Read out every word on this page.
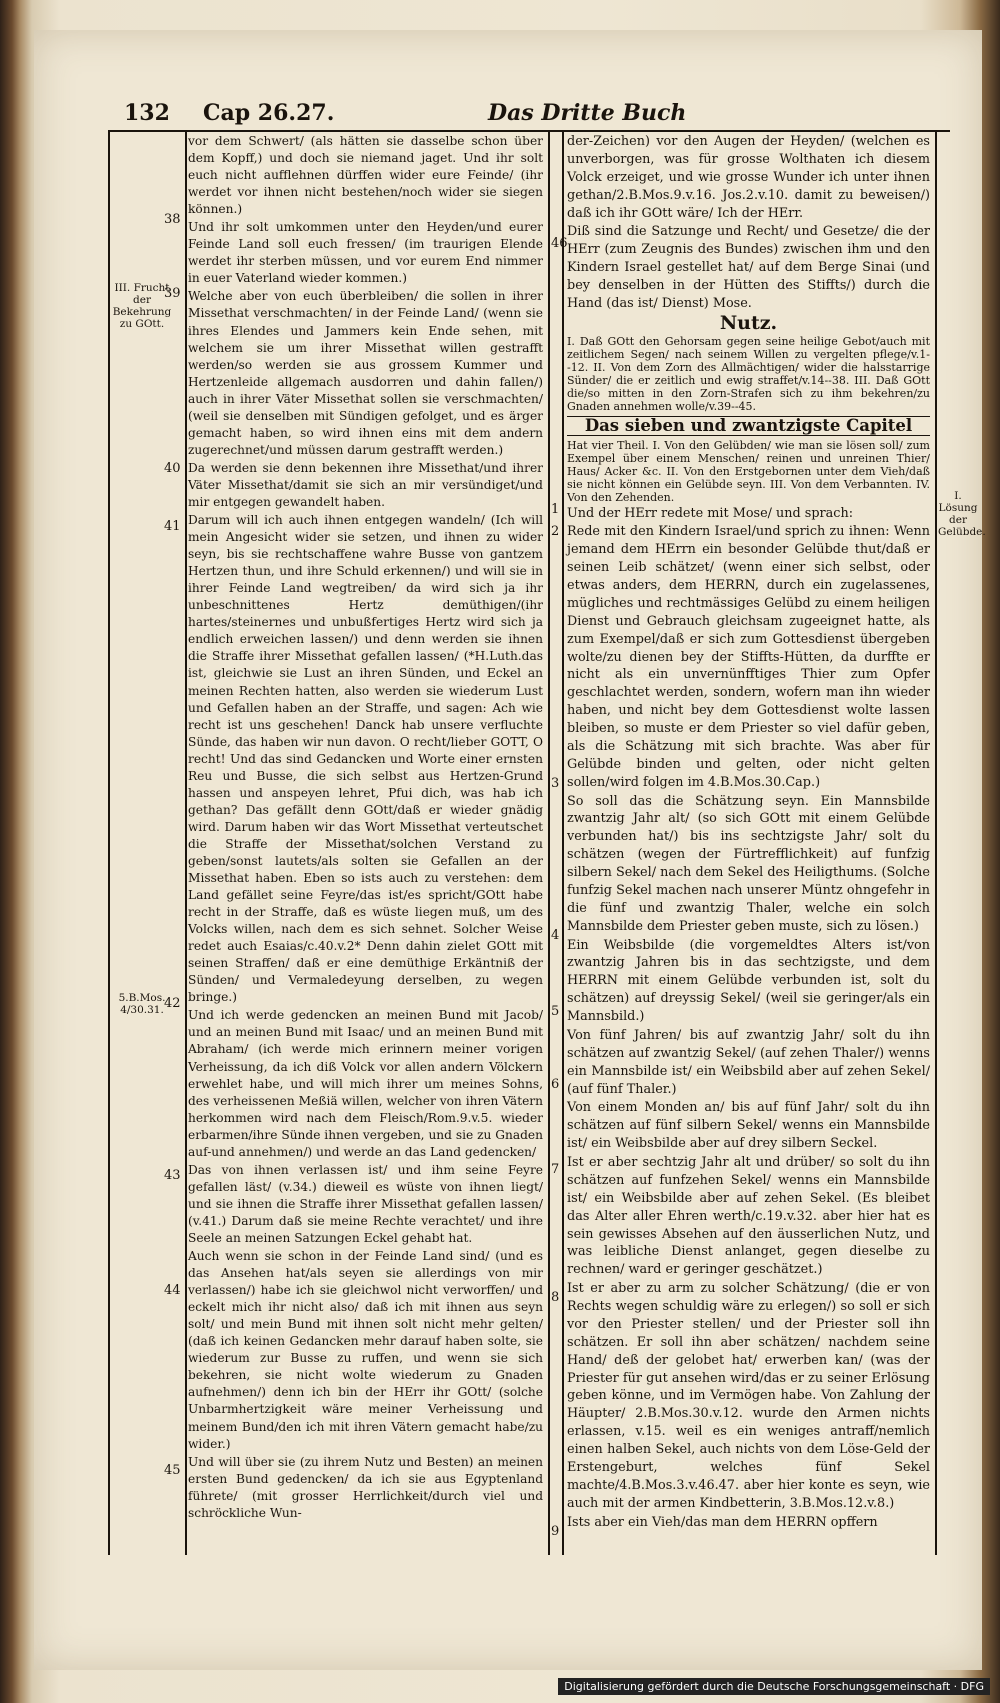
132 Cap 26.27.	Das Dritte Buch
III. Frucht der Bekehrung zu GOtt.
5.B.Mos. 4/30.31.
I. Lösung der Gelübde.
38
39
40
41
42
43
44
45
46
1
2
3
4
5
6
7
8
9

vor dem Schwert/ (als hätten sie dasselbe schon über dem Kopff,) und doch sie niemand jaget. Und ihr solt euch nicht aufflehnen dürffen wider eure Feinde/ (ihr werdet vor ihnen nicht bestehen/noch wider sie siegen können.)

Und ihr solt umkommen unter den Heyden/und eurer Feinde Land soll euch fressen/ (im traurigen Elende werdet ihr sterben müssen, und vor eurem End nimmer in euer Vaterland wieder kommen.)

Welche aber von euch überbleiben/ die sollen in ihrer Missethat verschmachten/ in der Feinde Land/ (wenn sie ihres Elendes und Jammers kein Ende sehen, mit welchem sie um ihrer Missethat willen gestrafft werden/so werden sie aus grossem Kummer und Hertzenleide allgemach ausdorren und dahin fallen/) auch in ihrer Väter Missethat sollen sie verschmachten/ (weil sie denselben mit Sündigen gefolget, und es ärger gemacht haben, so wird ihnen eins mit dem andern zugerechnet/und müssen darum gestrafft werden.)

Da werden sie denn bekennen ihre Missethat/und ihrer Väter Missethat/damit sie sich an mir versündiget/und mir entgegen gewandelt haben.

Darum will ich auch ihnen entgegen wandeln/ (Ich will mein Angesicht wider sie setzen, und ihnen zu wider seyn, bis sie rechtschaffene wahre Busse von gantzem Hertzen thun, und ihre Schuld erkennen/) und will sie in ihrer Feinde Land wegtreiben/ da wird sich ja ihr unbeschnittenes Hertz demüthigen/(ihr hartes/steinernes und unbußfertiges Hertz wird sich ja endlich erweichen lassen/) und denn werden sie ihnen die Straffe ihrer Missethat gefallen lassen/ (*H.Luth.das ist, gleichwie sie Lust an ihren Sünden, und Eckel an meinen Rechten hatten, also werden sie wiederum Lust und Gefallen haben an der Straffe, und sagen: Ach wie recht ist uns geschehen! Danck hab unsere verfluchte Sünde, das haben wir nun davon. O recht/lieber GOTT, O recht! Und das sind Gedancken und Worte einer ernsten Reu und Busse, die sich selbst aus Hertzen-Grund hassen und anspeyen lehret, Pfui dich, was hab ich gethan? Das gefällt denn GOtt/daß er wieder gnädig wird. Darum haben wir das Wort Missethat verteutschet die Straffe der Missethat/solchen Verstand zu geben/sonst lautets/als solten sie Gefallen an der Missethat haben. Eben so ists auch zu verstehen: dem Land gefället seine Feyre/das ist/es spricht/GOtt habe recht in der Straffe, daß es wüste liegen muß, um des Volcks willen, nach dem es sich sehnet. Solcher Weise redet auch Esaias/c.40.v.2* Denn dahin zielet GOtt mit seinen Straffen/ daß er eine demüthige Erkäntniß der Sünden/ und Vermaledeyung derselben, zu wegen bringe.)

Und ich werde gedencken an meinen Bund mit Jacob/ und an meinen Bund mit Isaac/ und an meinen Bund mit Abraham/ (ich werde mich erinnern meiner vorigen Verheissung, da ich diß Volck vor allen andern Völckern erwehlet habe, und will mich ihrer um meines Sohns, des verheissenen Meßiä willen, welcher von ihren Vätern herkommen wird nach dem Fleisch/Rom.9.v.5. wieder erbarmen/ihre Sünde ihnen vergeben, und sie zu Gnaden auf-und annehmen/) und werde an das Land gedencken/

Das von ihnen verlassen ist/ und ihm seine Feyre gefallen läst/ (v.34.) dieweil es wüste von ihnen liegt/ und sie ihnen die Straffe ihrer Missethat gefallen lassen/ (v.41.) Darum daß sie meine Rechte verachtet/ und ihre Seele an meinen Satzungen Eckel gehabt hat.

Auch wenn sie schon in der Feinde Land sind/ (und es das Ansehen hat/als seyen sie allerdings von mir verlassen/) habe ich sie gleichwol nicht verworffen/ und eckelt mich ihr nicht also/ daß ich mit ihnen aus seyn solt/ und mein Bund mit ihnen solt nicht mehr gelten/ (daß ich keinen Gedancken mehr darauf haben solte, sie wiederum zur Busse zu ruffen, und wenn sie sich bekehren, sie nicht wolte wiederum zu Gnaden aufnehmen/) denn ich bin der HErr ihr GOtt/ (solche Unbarmhertzigkeit wäre meiner Verheissung und meinem Bund/den ich mit ihren Vätern gemacht habe/zu wider.)

Und will über sie (zu ihrem Nutz und Besten) an meinen ersten Bund gedencken/ da ich sie aus Egyptenland führete/ (mit grosser Herrlichkeit/durch viel und schröckliche Wun-

der-Zeichen) vor den Augen der Heyden/ (welchen es unverborgen, was für grosse Wolthaten ich diesem Volck erzeiget, und wie grosse Wunder ich unter ihnen gethan/2.B.Mos.9.v.16. Jos.2.v.10. damit zu beweisen/) daß ich ihr GOtt wäre/ Ich der HErr.

Diß sind die Satzunge und Recht/ und Gesetze/ die der HErr (zum Zeugnis des Bundes) zwischen ihm und den Kindern Israel gestellet hat/ auf dem Berge Sinai (und bey denselben in der Hütten des Stiffts/) durch die Hand (das ist/ Dienst) Mose.

Nutz.

I. Daß GOtt den Gehorsam gegen seine heilige Gebot/auch mit zeitlichem Segen/ nach seinem Willen zu vergelten pflege/v.1--12. II. Von dem Zorn des Allmächtigen/ wider die halsstarrige Sünder/ die er zeitlich und ewig straffet/v.14--38. III. Daß GOtt die/so mitten in den Zorn-Strafen sich zu ihm bekehren/zu Gnaden annehmen wolle/v.39--45.

Das sieben und zwantzigste Capitel

Hat vier Theil. I. Von den Gelübden/ wie man sie lösen soll/ zum Exempel über einem Menschen/ reinen und unreinen Thier/ Haus/ Acker &c. II. Von den Erstgebornen unter dem Vieh/daß sie nicht können ein Gelübde seyn. III. Von dem Verbannten. IV. Von den Zehenden.

Und der HErr redete mit Mose/ und sprach:

Rede mit den Kindern Israel/und sprich zu ihnen: Wenn jemand dem HErrn ein besonder Gelübde thut/daß er seinen Leib schätzet/ (wenn einer sich selbst, oder etwas anders, dem HERRN, durch ein zugelassenes, mügliches und rechtmässiges Gelübd zu einem heiligen Dienst und Gebrauch gleichsam zugeeignet hatte, als zum Exempel/daß er sich zum Gottesdienst übergeben wolte/zu dienen bey der Stiffts-Hütten, da durffte er nicht als ein unvernünfftiges Thier zum Opfer geschlachtet werden, sondern, wofern man ihn wieder haben, und nicht bey dem Gottesdienst wolte lassen bleiben, so muste er dem Priester so viel dafür geben, als die Schätzung mit sich brachte. Was aber für Gelübde binden und gelten, oder nicht gelten sollen/wird folgen im 4.B.Mos.30.Cap.)

So soll das die Schätzung seyn. Ein Mannsbilde zwantzig Jahr alt/ (so sich GOtt mit einem Gelübde verbunden hat/) bis ins sechtzigste Jahr/ solt du schätzen (wegen der Fürtrefflichkeit) auf funfzig silbern Sekel/ nach dem Sekel des Heiligthums. (Solche funfzig Sekel machen nach unserer Müntz ohngefehr in die fünf und zwantzig Thaler, welche ein solch Mannsbilde dem Priester geben muste, sich zu lösen.)

Ein Weibsbilde (die vorgemeldtes Alters ist/von zwantzig Jahren bis in das sechtzigste, und dem HERRN mit einem Gelübde verbunden ist, solt du schätzen) auf dreyssig Sekel/ (weil sie geringer/als ein Mannsbild.)

Von fünf Jahren/ bis auf zwantzig Jahr/ solt du ihn schätzen auf zwantzig Sekel/ (auf zehen Thaler/) wenns ein Mannsbilde ist/ ein Weibsbild aber auf zehen Sekel/ (auf fünf Thaler.)

Von einem Monden an/ bis auf fünf Jahr/ solt du ihn schätzen auf fünf silbern Sekel/ wenns ein Mannsbilde ist/ ein Weibsbilde aber auf drey silbern Seckel.

Ist er aber sechtzig Jahr alt und drüber/ so solt du ihn schätzen auf funfzehen Sekel/ wenns ein Mannsbilde ist/ ein Weibsbilde aber auf zehen Sekel. (Es bleibet das Alter aller Ehren werth/c.19.v.32. aber hier hat es sein gewisses Absehen auf den äusserlichen Nutz, und was leibliche Dienst anlanget, gegen dieselbe zu rechnen/ ward er geringer geschätzet.)

Ist er aber zu arm zu solcher Schätzung/ (die er von Rechts wegen schuldig wäre zu erlegen/) so soll er sich vor den Priester stellen/ und der Priester soll ihn schätzen. Er soll ihn aber schätzen/ nachdem seine Hand/ deß der gelobet hat/ erwerben kan/ (was der Priester für gut ansehen wird/das er zu seiner Erlösung geben könne, und im Vermögen habe. Von Zahlung der Häupter/ 2.B.Mos.30.v.12. wurde den Armen nichts erlassen, v.15. weil es ein weniges antraff/nemlich einen halben Sekel, auch nichts von dem Löse-Geld der Erstengeburt, welches fünf Sekel machte/4.B.Mos.3.v.46.47. aber hier konte es seyn, wie auch mit der armen Kindbetterin, 3.B.Mos.12.v.8.)

Ists aber ein Vieh/das man dem HERRN opffern

Digitalisierung gefördert durch die Deutsche Forschungsgemeinschaft · DFG
